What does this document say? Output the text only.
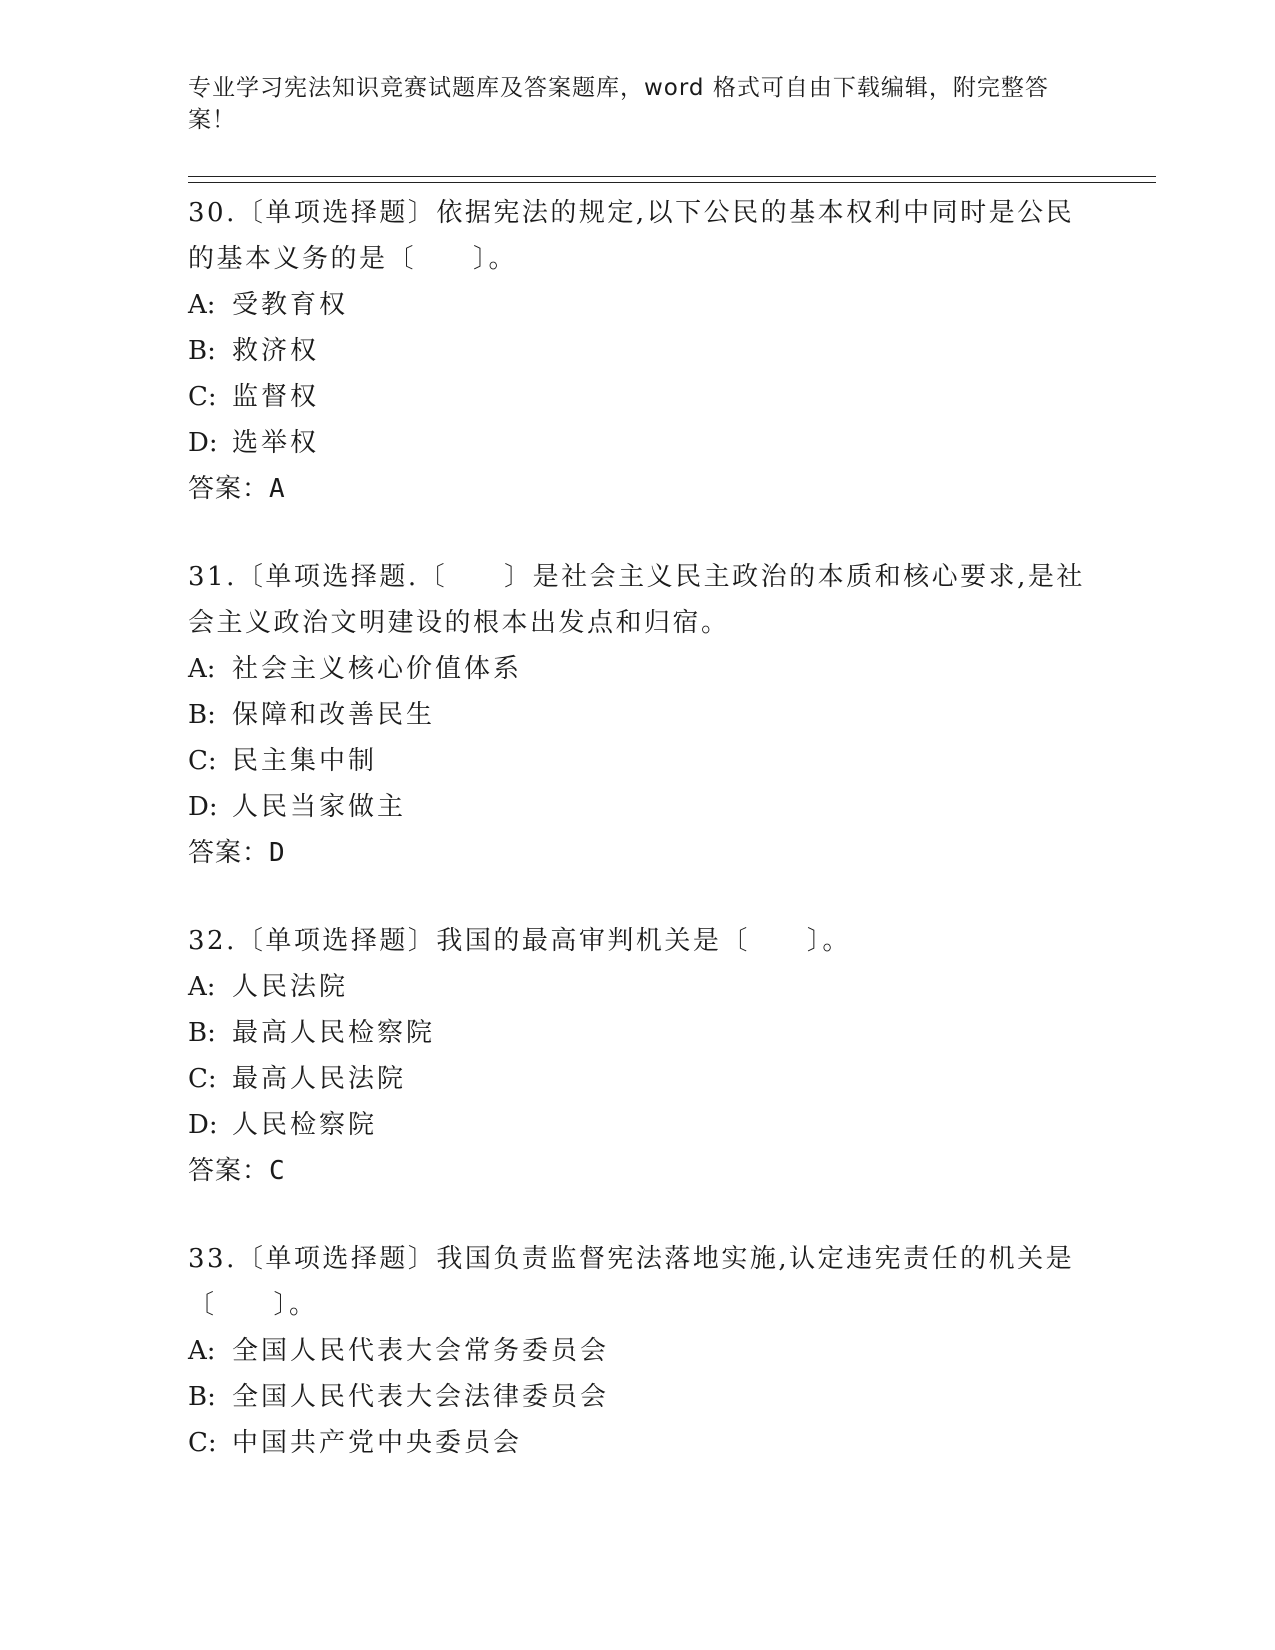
专业学习宪法知识竞赛试题库及答案题库，word 格式可自由下载编辑，附完整答案！

30.〔单项选择题〕依据宪法的规定,以下公民的基本权利中同时是公民的基本义务的是〔　　〕。

A: 受教育权

B: 救济权

C: 监督权

D: 选举权

答案：A

31.〔单项选择题.〔　　〕是社会主义民主政治的本质和核心要求,是社会主义政治文明建设的根本出发点和归宿。

A: 社会主义核心价值体系

B: 保障和改善民生

C: 民主集中制

D: 人民当家做主

答案：D

32.〔单项选择题〕我国的最高审判机关是〔　　〕。

A: 人民法院

B: 最高人民检察院

C: 最高人民法院

D: 人民检察院

答案：C

33.〔单项选择题〕我国负责监督宪法落地实施,认定违宪责任的机关是〔　　〕。

A: 全国人民代表大会常务委员会

B: 全国人民代表大会法律委员会

C: 中国共产党中央委员会
